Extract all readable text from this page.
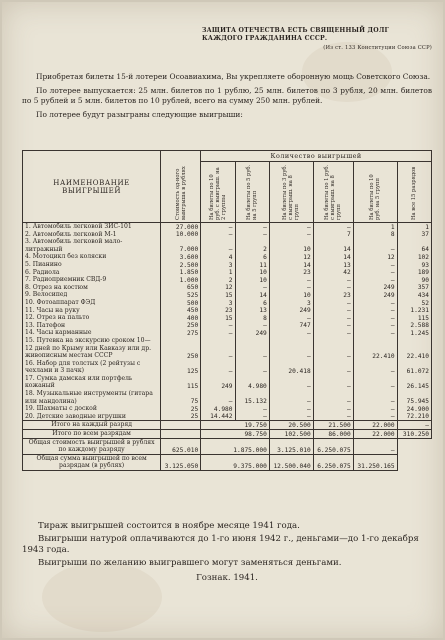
ЗАЩИТА ОТЕЧЕСТВА ЕСТЬ СВЯЩЕННЫЙ ДОЛГ КАЖДОГО ГРАЖДАНИНА СССР.
(Из ст. 133 Конституции Союза ССР)

Приобретая билеты 15-й лотереи Осоавиахима, Вы укрепляете оборонную мощь Советского Союза.

По лотерее выпускается: 25 млн. билетов по 1 рублю, 25 млн. билетов по 3 рубля, 20 млн. билетов по 5 рублей и 5 млн. билетов по 10 рублей, всего на сумму 250 млн. рублей.

По лотерее будут разыграны следующие выигрыши:

НАИМЕНОВАНИЕ ВЫИГРЫШЕЙ	Стоимость од-ного выигрыша в рублях	Количество выигрышей					
		На билеты по 10 руб. с выигрыш. на 2 группы	На билеты по 5 руб. на 5 групп	На билеты по 3 руб. с выигрыш. на 8 групп	На билеты по 1 руб. с выигрыш. на 8 групп	На билеты по 10 руб. на 5 групп	На все 15 разрядов
1. Автомобиль легковой ЗИС-101	27.000	—	—	—	—	1	1
2. Автомобиль легковой М-1	10.000	—	—	—	7	8	37
3. Автомобиль легковой мало-литражный	7.000	—	2	10	14	—	64
4. Мотоцикл без коляски	3.600	4	6	12	14	12	102
5. Пианино	2.500	3	11	14	13	—	93
6. Радиола	1.850	1	10	23	42	—	189
7. Радиоприемник СВД-9	1.000	2	10	—	—	—	90
8. Отрез на костюм	650	12	—	—	—	249	357
9. Велосипед	525	15	14	10	23	249	434
10. Фотоаппарат ФЭД	500	3	6	3	—	—	52
11. Часы на руку	450	23	13	249	—	—	1.231
12. Отрез на пальто	400	15	8	—	—	—	115
13. Патефон	250	—	—	747	—	—	2.588
14. Часы карманные	275	—	249	—	—	—	1.245
15. Путевка на экскурсию сроком 10—12 дней по Крыму или Кавказу или др. живописным местам СССР	250	—	—	—	—	22.410	22.410
16. Набор для толстых (2 рейтузы с чехлами и 3 пачк)	125	—	—	20.418	—	—	61.072
17. Сумка дамская или портфель кожаный	115	249	4.980	—	—	—	26.145
18. Музыкальные инструменты (гитара или мандолина)	75	—	15.132	—	—	—	75.945
19. Шахматы с доской	25	4.980	—	—	—	—	24.900
20. Детские заводные игрушки	25	14.442	—	—	—	—	72.210
Итого на каждый разряд		19.750		20.500	21.500	22.000	—
Итого по всем разрядам		98.750		102.500	86.000	22.000	310.250
Общая стоимость выигрышей в рублях по каждому разряду	625.010	1.875.000		3.125.010	6.250.075	—	
Общая сумма выигрышей по всем разрядам (в рублях)	3.125.050	9.375.000		12.500.040	6.250.075	31.250.165	

Тираж выигрышей состоится в ноябре месяце 1941 года.

Выигрыши натурой оплачиваются до 1-го июня 1942 г., деньгами—до 1-го декабря 1943 года.

Выигрыши по желанию выигравшего могут заменяться деньгами.

Гознак. 1941.
